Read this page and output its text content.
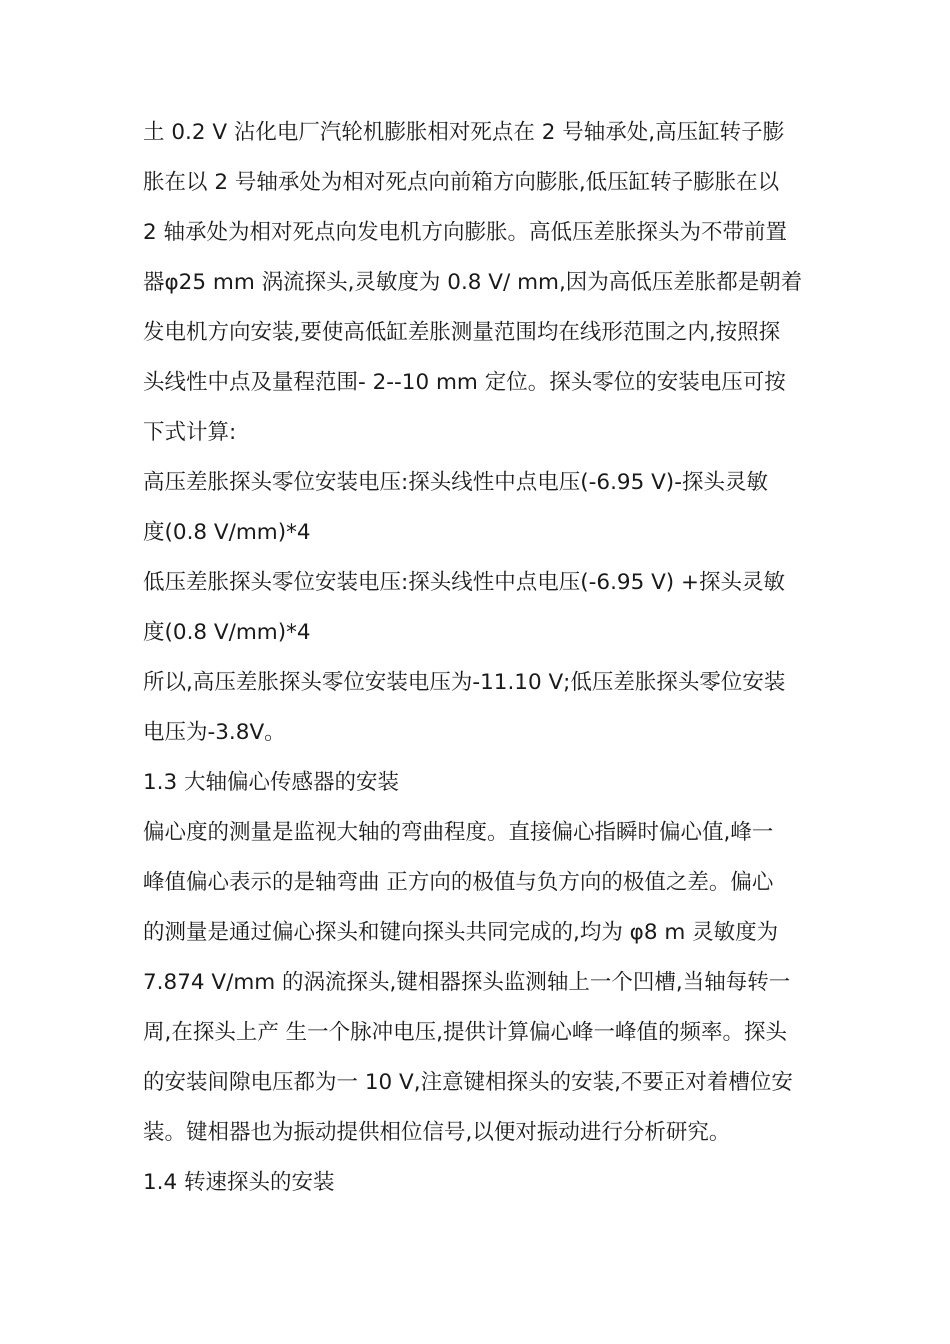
土 0.2 V 沾化电厂汽轮机膨胀相对死点在 2 号轴承处,高压缸转子膨
胀在以 2 号轴承处为相对死点向前箱方向膨胀,低压缸转子膨胀在以
2 轴承处为相对死点向发电机方向膨胀。高低压差胀探头为不带前置
器φ25 mm 涡流探头,灵敏度为 0.8 V/ mm,因为高低压差胀都是朝着
发电机方向安装,要使高低缸差胀测量范围均在线形范围之内,按照探
头线性中点及量程范围- 2--10 mm 定位。探头零位的安装电压可按
下式计算:
高压差胀探头零位安装电压:探头线性中点电压(-6.95 V)-探头灵敏
度(0.8 V/mm)*4
低压差胀探头零位安装电压:探头线性中点电压(-6.95 V) +探头灵敏
度(0.8 V/mm)*4
所以,高压差胀探头零位安装电压为-11.10 V;低压差胀探头零位安装
电压为-3.8V。
1.3 大轴偏心传感器的安装
偏心度的测量是监视大轴的弯曲程度。直接偏心指瞬时偏心值,峰一
峰值偏心表示的是轴弯曲 正方向的极值与负方向的极值之差。偏心
的测量是通过偏心探头和键向探头共同完成的,均为 φ8 m 灵敏度为
7.874 V/mm 的涡流探头,键相器探头监测轴上一个凹槽,当轴每转一
周,在探头上产 生一个脉冲电压,提供计算偏心峰一峰值的频率。探头
的安装间隙电压都为一 10 V,注意键相探头的安装,不要正对着槽位安
装。键相器也为振动提供相位信号,以便对振动进行分析研究。
1.4 转速探头的安装
